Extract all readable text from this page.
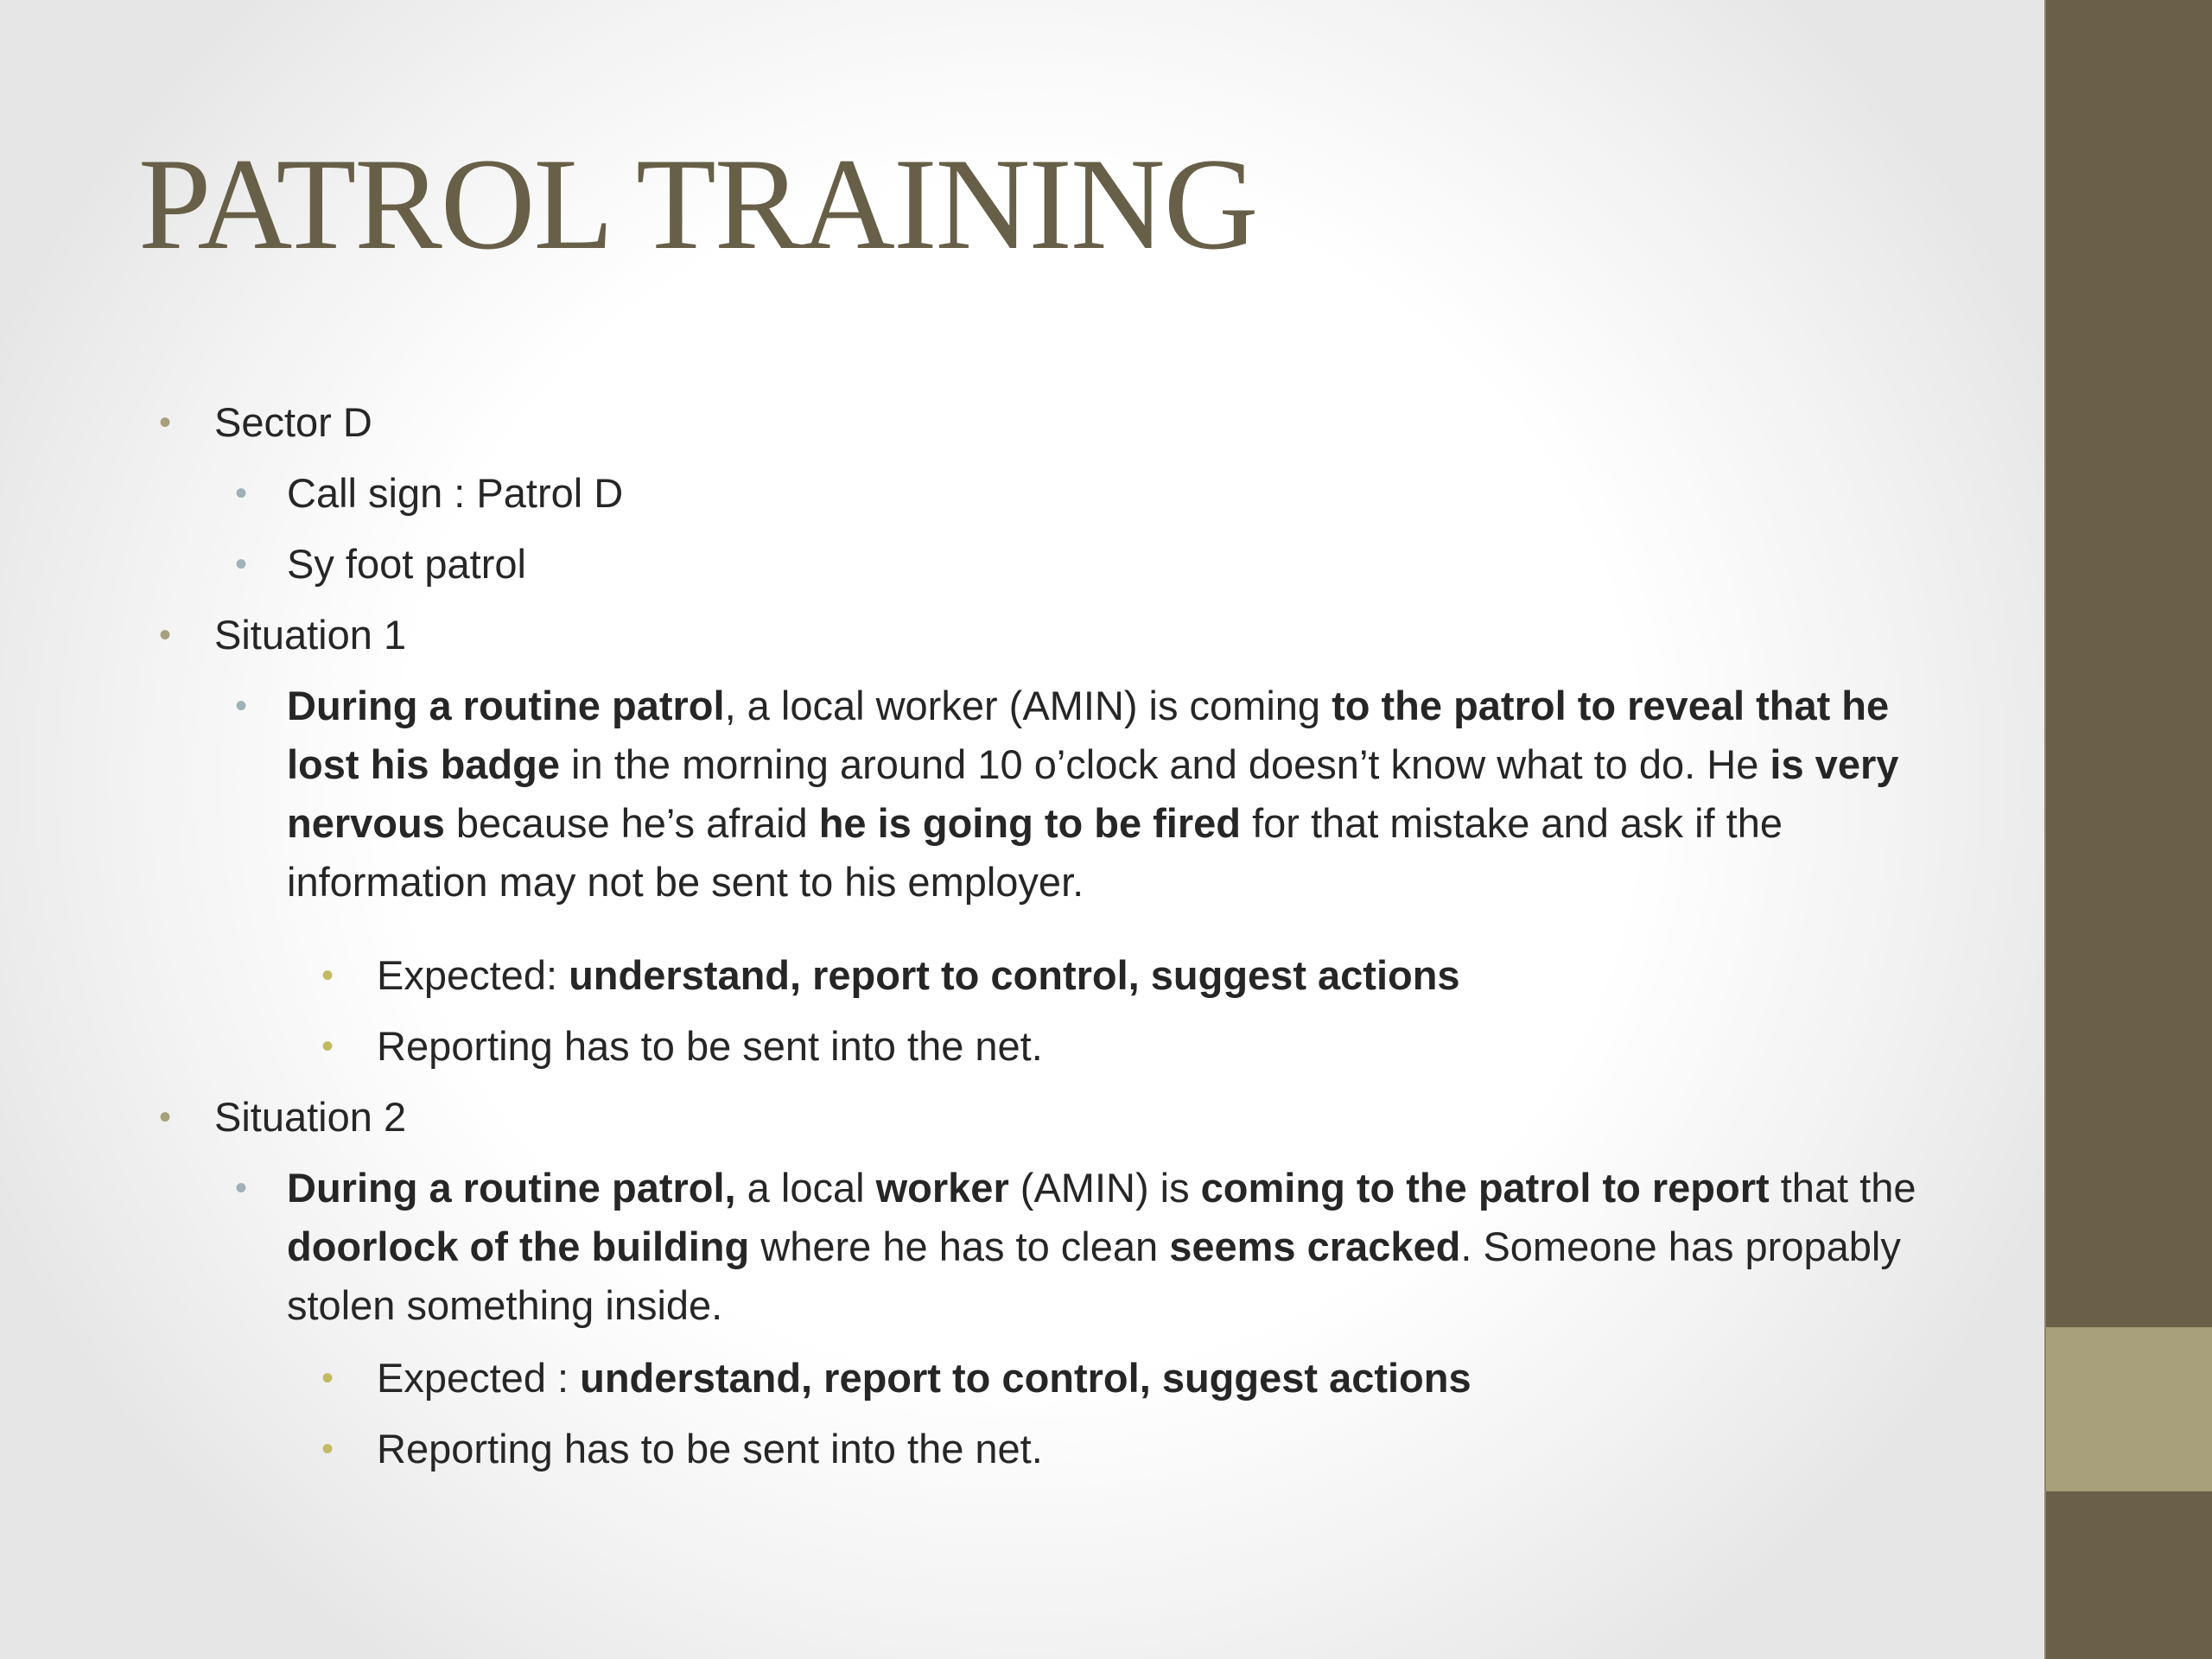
PATROL TRAINING
• Sector D

• Call sign : Patrol D

• Sy foot patrol

• Situation 1

• During a routine patrol, a local worker (AMIN) is coming to the patrol to reveal that he lost his badge in the morning around 10 o’clock and doesn’t know what to do. He is very nervous because he’s afraid he is going to be fired for that mistake and ask if the information may not be sent to his employer.

• Expected: understand, report to control, suggest actions

• Reporting has to be sent into the net.

• Situation 2

• During a routine patrol, a local worker (AMIN) is coming to the patrol to report that the doorlock of the building where he has to clean seems cracked. Someone has propably stolen something inside.

• Expected : understand, report to control, suggest actions

• Reporting has to be sent into the net.
